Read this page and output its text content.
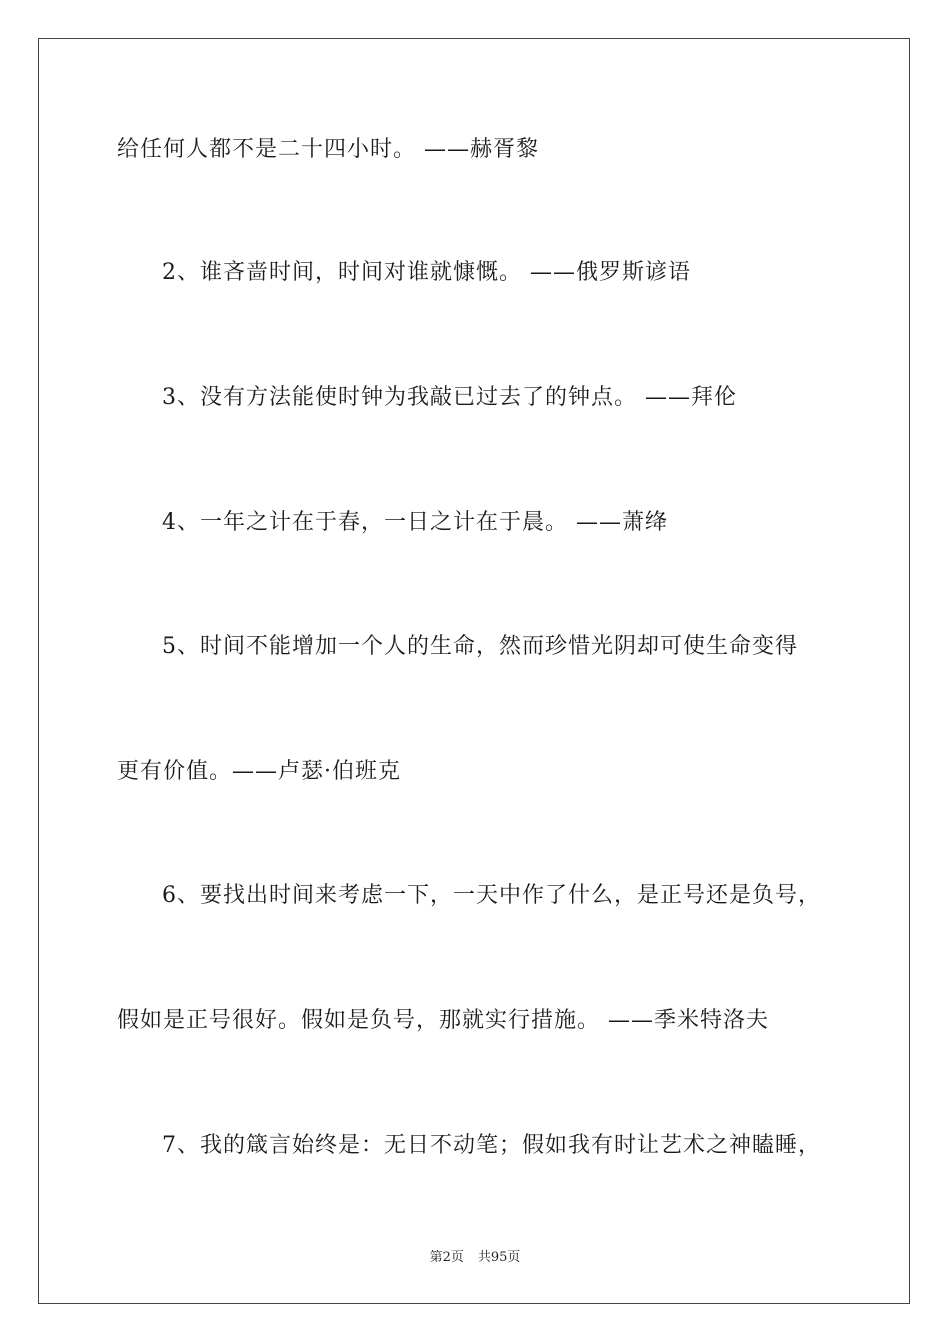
给任何人都不是二十四小时。 ——赫胥黎
2、谁吝啬时间，时间对谁就慷慨。 ——俄罗斯谚语
3、没有方法能使时钟为我敲已过去了的钟点。 ——拜伦
4、一年之计在于春，一日之计在于晨。 ——萧绛
5、时间不能增加一个人的生命，然而珍惜光阴却可使生命变得
更有价值。——卢瑟·伯班克
6、要找出时间来考虑一下，一天中作了什么，是正号还是负号，
假如是正号很好。假如是负号，那就实行措施。 ——季米特洛夫
7、我的箴言始终是：无日不动笔；假如我有时让艺术之神瞌睡，
第2页 共95页
